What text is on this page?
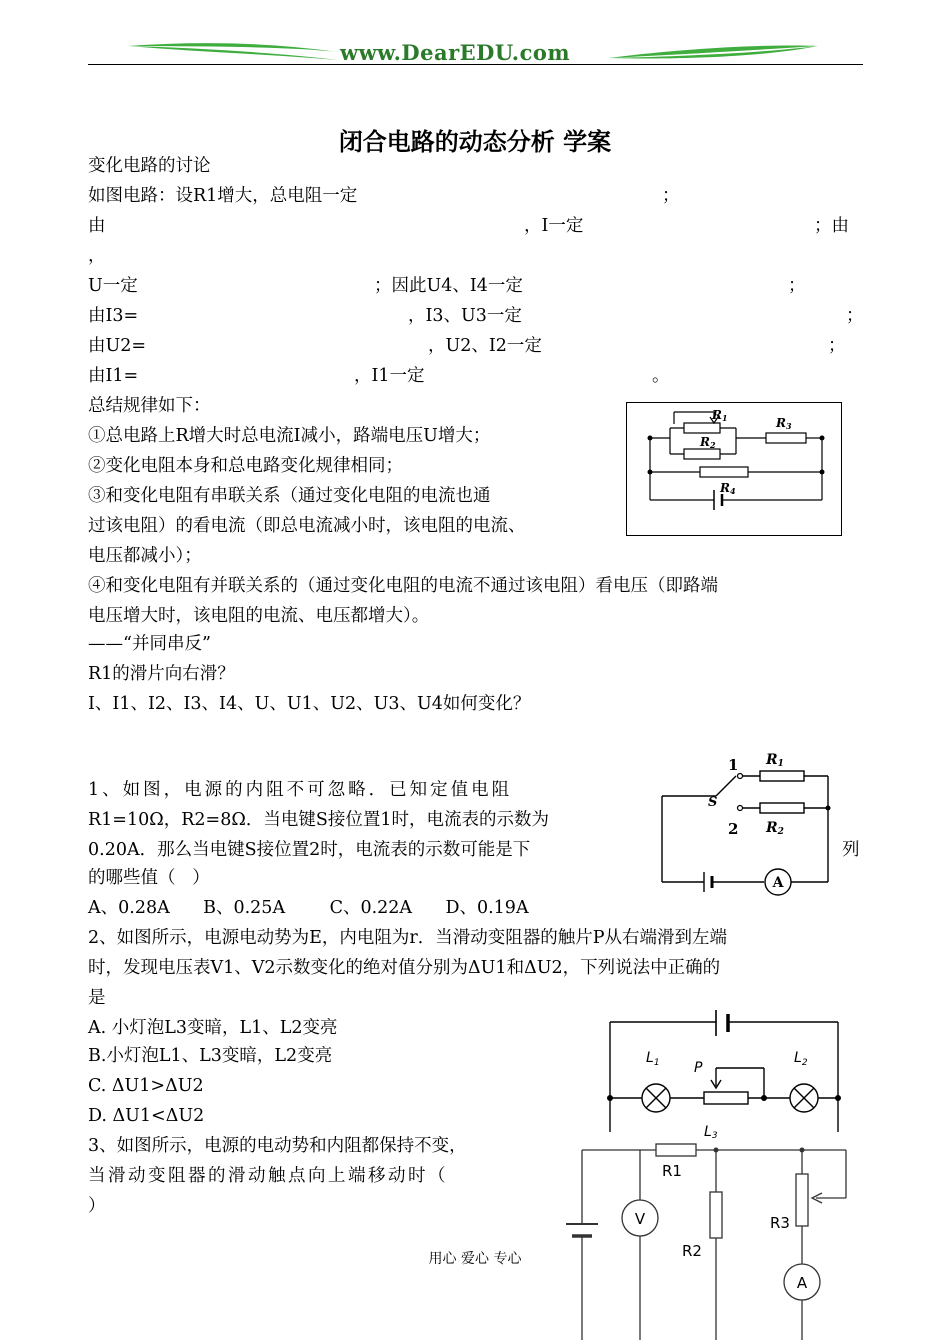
www.DearEDU.com
闭合电路的动态分析 学案
变化电路的讨论
如图电路：设R1增大，总电阻一定	；
由	，I一定	；由
，
U一定	；因此U4、I4一定	；
由I3=	，I3、U3一定	；
由U2=	，U2、I2一定	；
由I1=	，I1一定	。
总结规律如下：
①总电路上R增大时总电流I减小，路端电压U增大；
②变化电阻本身和总电路变化规律相同；
③和变化电阻有串联关系（通过变化电阻的电流也通
过该电阻）的看电流（即总电流减小时，该电阻的电流、
电压都减小）；
④和变化电阻有并联关系的（通过变化电阻的电流不通过该电阻）看电压（即路端
电压增大时，该电阻的电流、电压都增大）。
——“并同串反”
R1的滑片向右滑？
I、I1、I2、I3、I4、U、U1、U2、U3、U4如何变化？
R1
R2
R3
R4
1、如图，电源的内阻不可忽略．已知定值电阻
R1=10Ω，R2=8Ω．当电键S接位置1时，电流表的示数为
0.20A．那么当电键S接位置2时，电流表的示数可能是下	列
的哪些值（   ）
A、0.28A      B、0.25A        C、0.22A      D、0.19A
1
2
S
R1
R2
A
2、如图所示，电源电动势为E，内电阻为r．当滑动变阻器的触片P从右端滑到左端
时，发现电压表V1、V2示数变化的绝对值分别为ΔU1和ΔU2，下列说法中正确的
是
A. 小灯泡L3变暗，L1、L2变亮
B.小灯泡L1、L3变暗，L2变亮
C. ΔU1>ΔU2
D. ΔU1<ΔU2
$L_1$	$L_2$
P
L3
3、如图所示，电源的电动势和内阻都保持不变，
当滑动变阻器的滑动触点向上端移动时（
）
R1
R2
R3
V
A
用心 爱心 专心
